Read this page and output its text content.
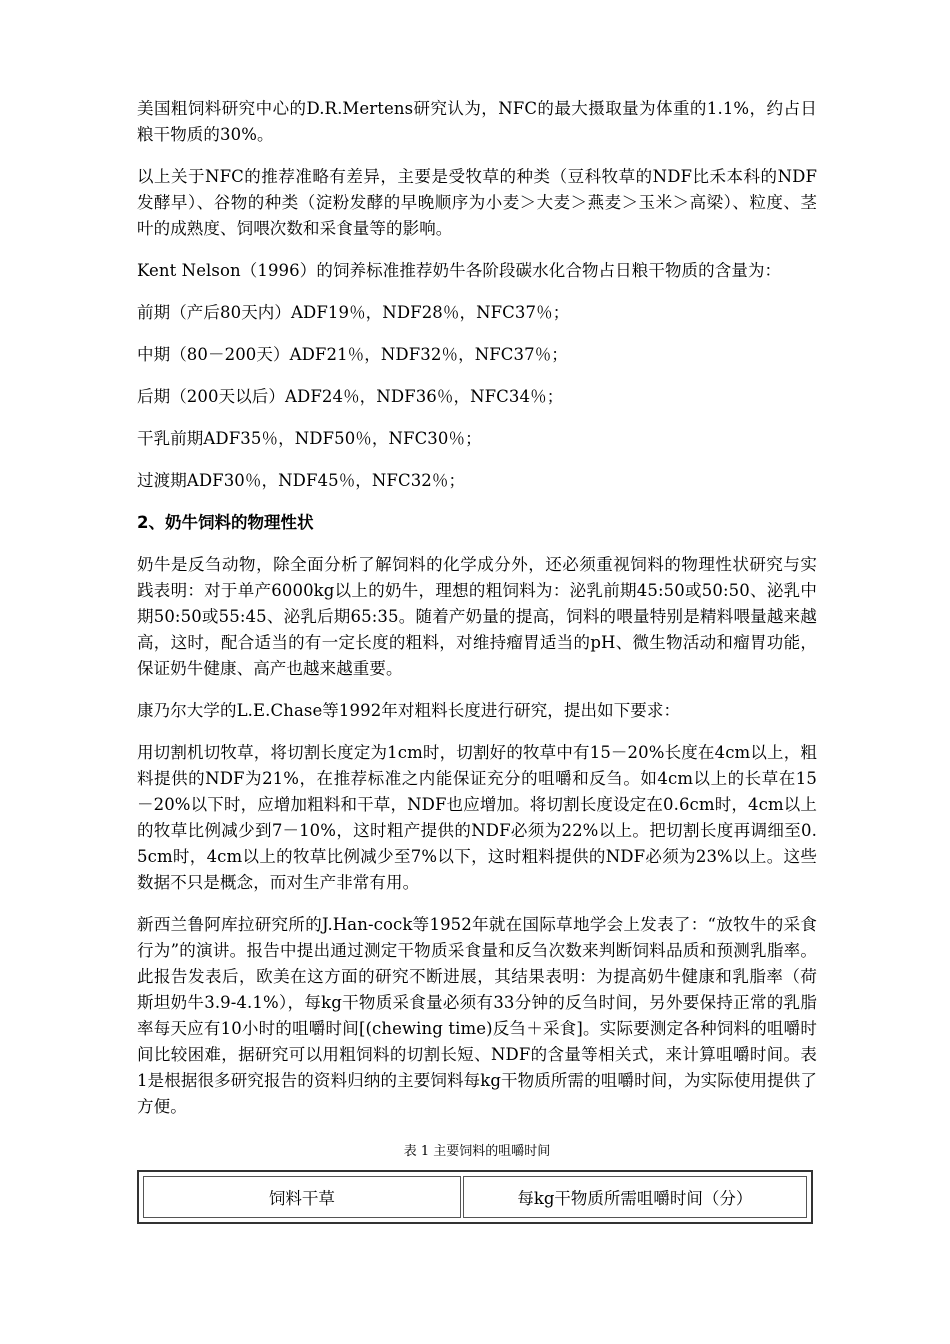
美国粗饲料研究中心的D.R.Mertens研究认为，NFC的最大摄取量为体重的1.1%，约占日粮干物质的30%。

以上关于NFC的推荐准略有差异，主要是受牧草的种类（豆科牧草的NDF比禾本科的NDF发酵早）、谷物的种类（淀粉发酵的早晚顺序为小麦＞大麦＞燕麦＞玉米＞高梁）、粒度、茎叶的成熟度、饲喂次数和采食量等的影响。

Kent Nelson（1996）的饲养标准推荐奶牛各阶段碳水化合物占日粮干物质的含量为：

前期（产后80天内）ADF19％，NDF28％，NFC37％；

中期（80－200天）ADF21％，NDF32％，NFC37％；

后期（200天以后）ADF24％，NDF36％，NFC34％；

干乳前期ADF35％，NDF50％，NFC30％；

过渡期ADF30％，NDF45％，NFC32％；

2、奶牛饲料的物理性状

奶牛是反刍动物，除全面分析了解饲料的化学成分外，还必须重视饲料的物理性状研究与实践表明：对于单产6000kg以上的奶牛，理想的粗饲料为：泌乳前期45:50或50:50、泌乳中期50:50或55:45、泌乳后期65:35。随着产奶量的提高，饲料的喂量特别是精料喂量越来越高，这时，配合适当的有一定长度的粗料，对维持瘤胃适当的pH、微生物活动和瘤胃功能，保证奶牛健康、高产也越来越重要。

康乃尔大学的L.E.Chase等1992年对粗料长度进行研究，提出如下要求：

用切割机切牧草，将切割长度定为1cm时，切割好的牧草中有15－20%长度在4cm以上，粗料提供的NDF为21%，在推荐标准之内能保证充分的咀嚼和反刍。如4cm以上的长草在15－20%以下时，应增加粗料和干草，NDF也应增加。将切割长度设定在0.6cm时，4cm以上的牧草比例减少到7－10%，这时粗产提供的NDF必须为22%以上。把切割长度再调细至0.5cm时，4cm以上的牧草比例减少至7%以下，这时粗料提供的NDF必须为23%以上。这些数据不只是概念，而对生产非常有用。

新西兰鲁阿库拉研究所的J.Han-cock等1952年就在国际草地学会上发表了：“放牧牛的采食行为”的演讲。报告中提出通过测定干物质采食量和反刍次数来判断饲料品质和预测乳脂率。此报告发表后，欧美在这方面的研究不断进展，其结果表明：为提高奶牛健康和乳脂率（荷斯坦奶牛3.9-4.1%），每kg干物质采食量必须有33分钟的反刍时间，另外要保持正常的乳脂率每天应有10小时的咀嚼时间[(chewing time)反刍＋采食]。实际要测定各种饲料的咀嚼时间比较困难，据研究可以用粗饲料的切割长短、NDF的含量等相关式，来计算咀嚼时间。表1是根据很多研究报告的资料归纳的主要饲料每kg干物质所需的咀嚼时间，为实际使用提供了方便。

表 1 主要饲料的咀嚼时间
饲料干草	每kg干物质所需咀嚼时间（分）
